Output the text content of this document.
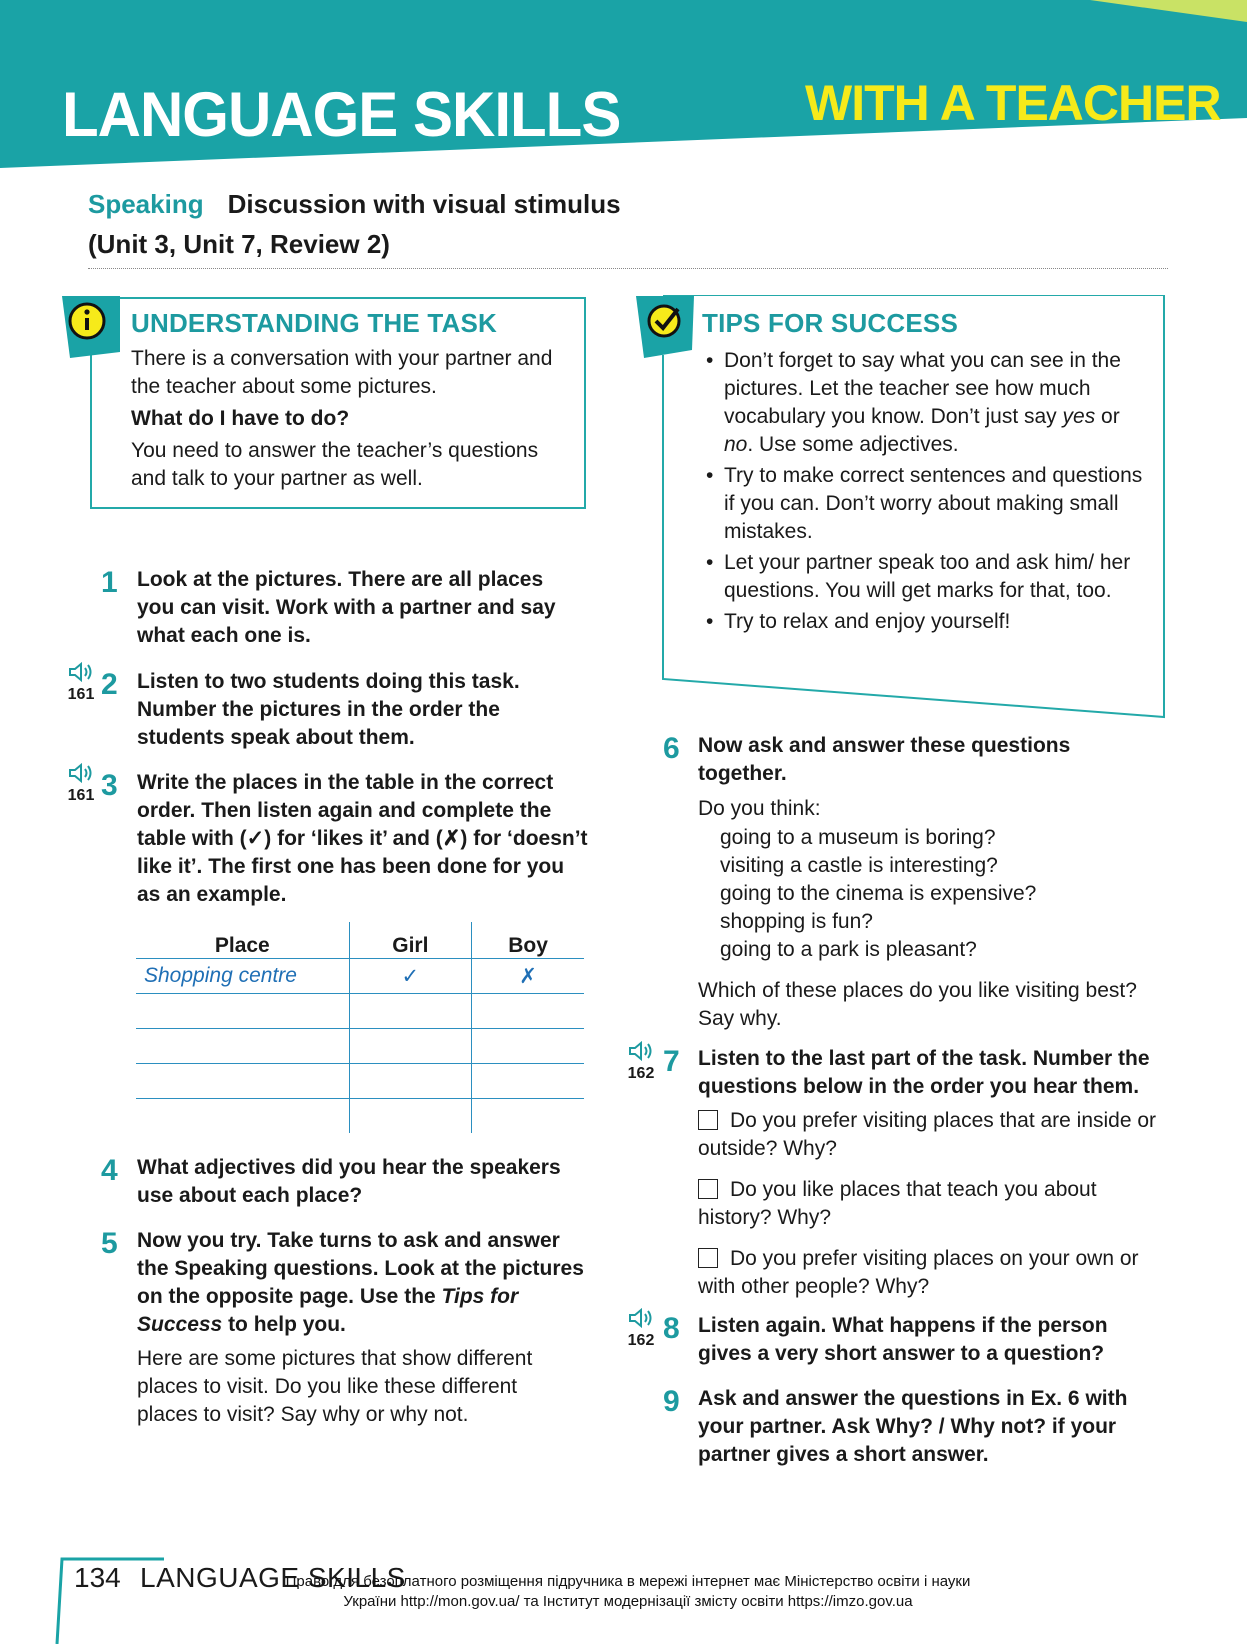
LANGUAGE SKILLS	WITH A TEACHER
Speaking Discussion with visual stimulus
(Unit 3, Unit 7, Review 2)
UNDERSTANDING THE TASK
There is a conversation with your partner and the teacher about some pictures.
What do I have to do?
You need to answer the teacher’s questions and talk to your partner as well.
TIPS FOR SUCCESS
• Don’t forget to say what you can see in the pictures. Let the teacher see how much vocabulary you know. Don’t just say yes or no. Use some adjectives.
• Try to make correct sentences and questions if you can. Don’t worry about making small mistakes.
• Let your partner speak too and ask him/ her questions. You will get marks for that, too.
• Try to relax and enjoy yourself!
1 Look at the pictures. There are all places you can visit. Work with a partner and say what each one is.
161 2 Listen to two students doing this task. Number the pictures in the order the students speak about them.
161 3 Write the places in the table in the correct order. Then listen again and complete the table with (✓) for ‘likes it’ and (✗) for ‘doesn’t like it’. The first one has been done for you as an example.
Place	Girl	Boy
Shopping centre	✓	✗

4 What adjectives did you hear the speakers use about each place?
5 Now you try. Take turns to ask and answer the Speaking questions. Look at the pictures on the opposite page. Use the Tips for Success to help you.
Here are some pictures that show different places to visit. Do you like these different places to visit? Say why or why not.
6 Now ask and answer these questions together.
Do you think:
going to a museum is boring?
visiting a castle is interesting?
going to the cinema is expensive?
shopping is fun?
going to a park is pleasant?
Which of these places do you like visiting best? Say why.
162 7 Listen to the last part of the task. Number the questions below in the order you hear them.
Do you prefer visiting places that are inside or outside? Why?
Do you like places that teach you about history? Why?
Do you prefer visiting places on your own or with other people? Why?
162 8 Listen again. What happens if the person gives a very short answer to a question?
9 Ask and answer the questions in Ex. 6 with your partner. Ask Why? / Why not? if your partner gives a short answer.
134 LANGUAGE SKILLS
Право для безоплатного розміщення підручника в мережі інтернет має Міністерство освіти і науки
України http://mon.gov.ua/ та Інститут модернізації змісту освіти https://imzo.gov.ua
